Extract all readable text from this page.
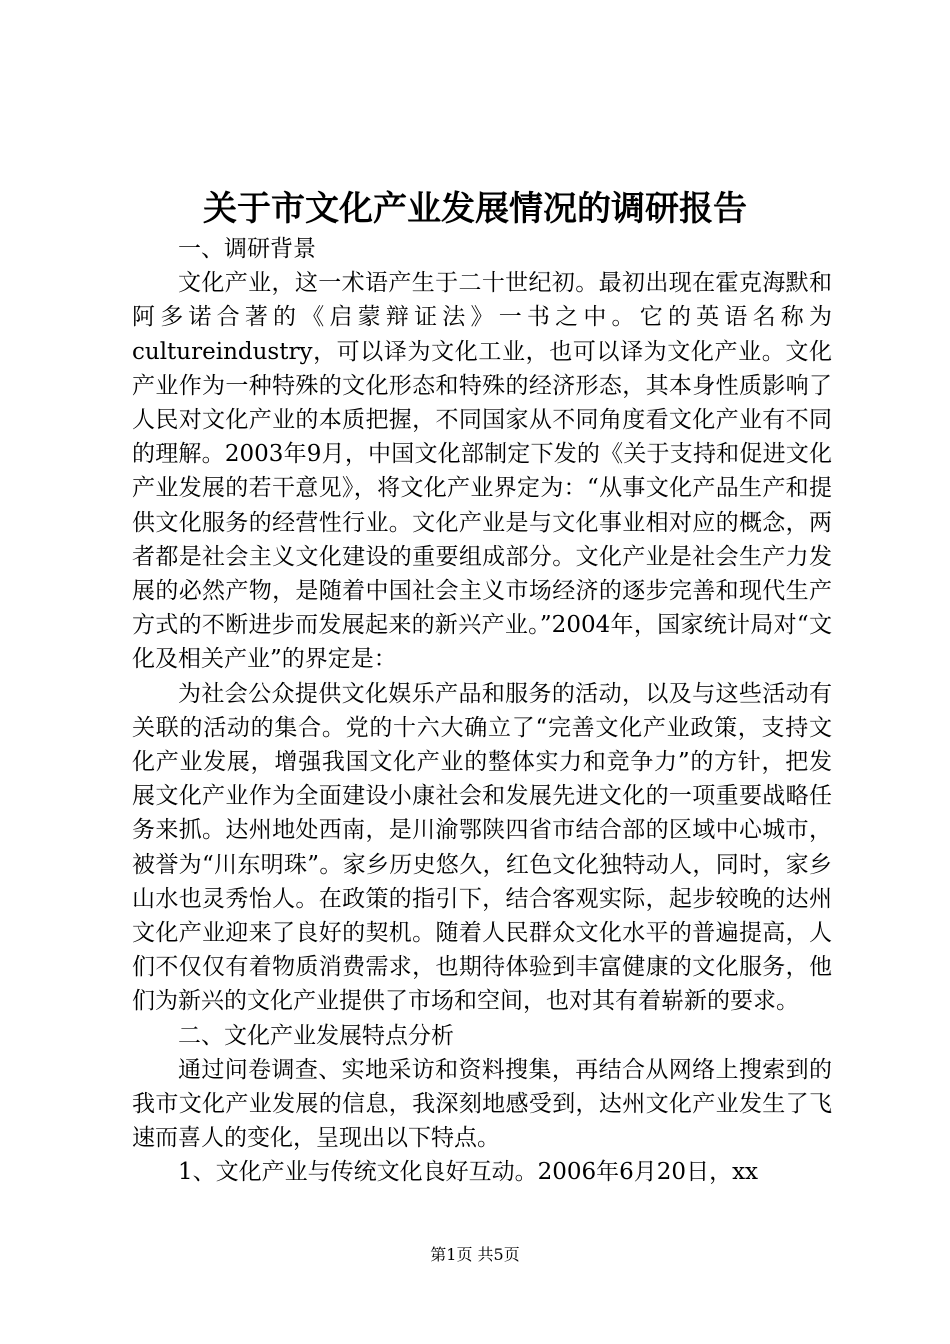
关于市文化产业发展情况的调研报告

一、调研背景

文化产业，这一术语产生于二十世纪初。最初出现在霍克海默和阿多诺合著的《启蒙辩证法》一书之中。它的英语名称为cultureindustry，可以译为文化工业，也可以译为文化产业。文化产业作为一种特殊的文化形态和特殊的经济形态，其本身性质影响了人民对文化产业的本质把握，不同国家从不同角度看文化产业有不同的理解。2003年9月，中国文化部制定下发的《关于支持和促进文化产业发展的若干意见》，将文化产业界定为：“从事文化产品生产和提供文化服务的经营性行业。文化产业是与文化事业相对应的概念，两者都是社会主义文化建设的重要组成部分。文化产业是社会生产力发展的必然产物，是随着中国社会主义市场经济的逐步完善和现代生产方式的不断进步而发展起来的新兴产业。”2004年，国家统计局对“文化及相关产业”的界定是：

为社会公众提供文化娱乐产品和服务的活动，以及与这些活动有关联的活动的集合。党的十六大确立了“完善文化产业政策，支持文化产业发展，增强我国文化产业的整体实力和竞争力”的方针，把发展文化产业作为全面建设小康社会和发展先进文化的一项重要战略任务来抓。达州地处西南，是川渝鄂陕四省市结合部的区域中心城市，被誉为“川东明珠”。家乡历史悠久，红色文化独特动人，同时，家乡山水也灵秀怡人。在政策的指引下，结合客观实际，起步较晚的达州文化产业迎来了良好的契机。随着人民群众文化水平的普遍提高，人们不仅仅有着物质消费需求，也期待体验到丰富健康的文化服务，他们为新兴的文化产业提供了市场和空间，也对其有着崭新的要求。

二、文化产业发展特点分析

通过问卷调查、实地采访和资料搜集，再结合从网络上搜索到的我市文化产业发展的信息，我深刻地感受到，达州文化产业发生了飞速而喜人的变化，呈现出以下特点。

1、文化产业与传统文化良好互动。2006年6月20日，xx

第1页 共5页
